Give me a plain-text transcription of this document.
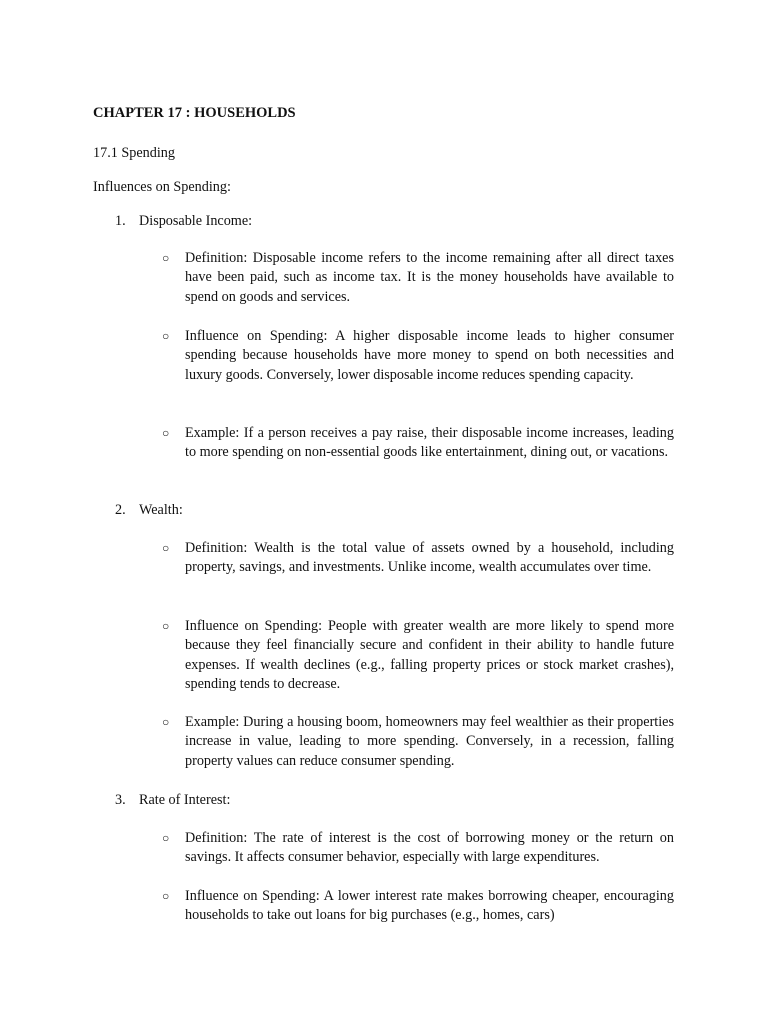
CHAPTER 17 : HOUSEHOLDS

17.1 Spending

Influences on Spending:

1. Disposable Income:

○ Definition: Disposable income refers to the income remaining after all direct taxes have been paid, such as income tax. It is the money households have available to spend on goods and services.
○ Influence on Spending: A higher disposable income leads to higher consumer spending because households have more money to spend on both necessities and luxury goods. Conversely, lower disposable income reduces spending capacity.
○ Example: If a person receives a pay raise, their disposable income increases, leading to more spending on non-essential goods like entertainment, dining out, or vacations.

2. Wealth:

○ Definition: Wealth is the total value of assets owned by a household, including property, savings, and investments. Unlike income, wealth accumulates over time.
○ Influence on Spending: People with greater wealth are more likely to spend more because they feel financially secure and confident in their ability to handle future expenses. If wealth declines (e.g., falling property prices or stock market crashes), spending tends to decrease.
○ Example: During a housing boom, homeowners may feel wealthier as their properties increase in value, leading to more spending. Conversely, in a recession, falling property values can reduce consumer spending.

3. Rate of Interest:

○ Definition: The rate of interest is the cost of borrowing money or the return on savings. It affects consumer behavior, especially with large expenditures.
○ Influence on Spending: A lower interest rate makes borrowing cheaper, encouraging households to take out loans for big purchases (e.g., homes, cars)
